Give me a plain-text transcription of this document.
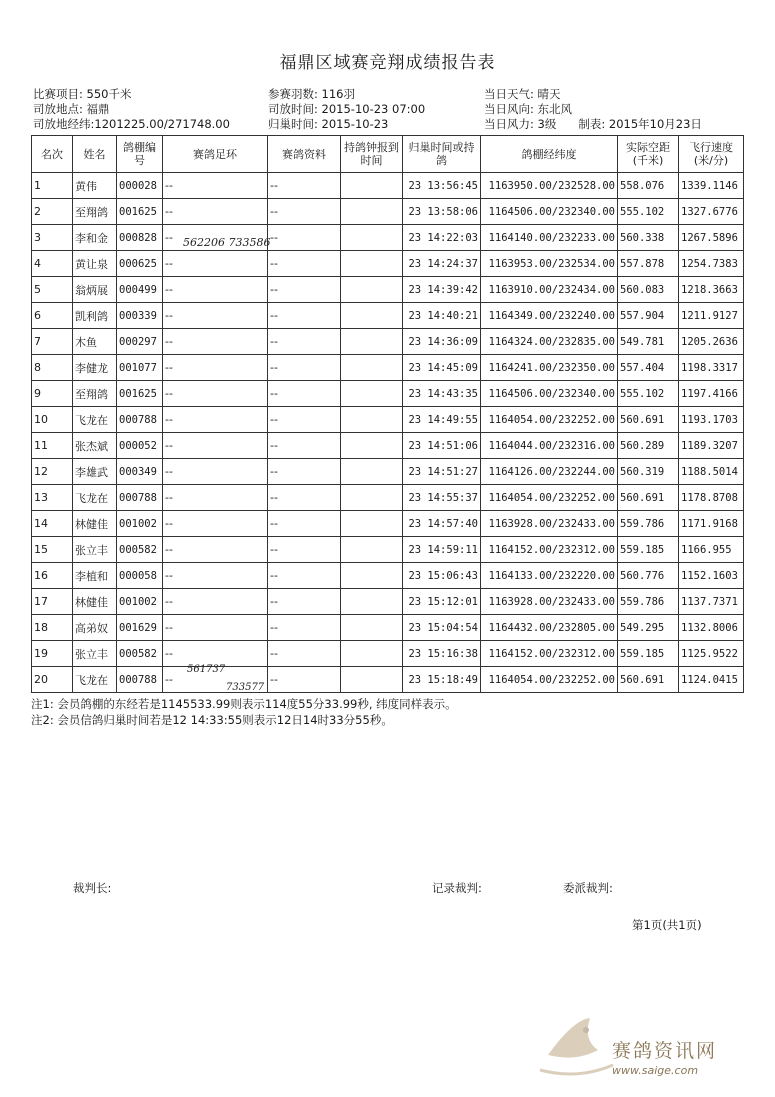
福鼎区域赛竞翔成绩报告表
比赛项目: 550千米
司放地点: 福鼎
司放地经纬:1201225.00/271748.00
参赛羽数: 116羽
司放时间: 2015-10-23 07:00
归巢时间: 2015-10-23
当日天气: 晴天
当日风向: 东北风
当日风力: 3级 制表: 2015年10月23日
名次	姓名	鸽棚编号	赛鸽足环	赛鸽资料	持鸽钟报到时间	归巢时间或持鸽	鸽棚经纬度	实际空距(千米)	飞行速度(米/分)
1	黄伟	000028	--	--		23 13:56:45	1163950.00/232528.00	558.076	1339.1146
2	至翔鸽	001625	--	--		23 13:58:06	1164506.00/232340.00	555.102	1327.6776
3	李和金	000828	--	--		23 14:22:03	1164140.00/232233.00	560.338	1267.5896
4	黄让泉	000625	--	--		23 14:24:37	1163953.00/232534.00	557.878	1254.7383
5	翁炳展	000499	--	--		23 14:39:42	1163910.00/232434.00	560.083	1218.3663
6	凯利鸽	000339	--	--		23 14:40:21	1164349.00/232240.00	557.904	1211.9127
7	木鱼	000297	--	--		23 14:36:09	1164324.00/232835.00	549.781	1205.2636
8	李健龙	001077	--	--		23 14:45:09	1164241.00/232350.00	557.404	1198.3317
9	至翔鸽	001625	--	--		23 14:43:35	1164506.00/232340.00	555.102	1197.4166
10	飞龙在	000788	--	--		23 14:49:55	1164054.00/232252.00	560.691	1193.1703
11	张杰斌	000052	--	--		23 14:51:06	1164044.00/232316.00	560.289	1189.3207
12	李雄武	000349	--	--		23 14:51:27	1164126.00/232244.00	560.319	1188.5014
13	飞龙在	000788	--	--		23 14:55:37	1164054.00/232252.00	560.691	1178.8708
14	林健佳	001002	--	--		23 14:57:40	1163928.00/232433.00	559.786	1171.9168
15	张立丰	000582	--	--		23 14:59:11	1164152.00/232312.00	559.185	1166.955
16	李植和	000058	--	--		23 15:06:43	1164133.00/232220.00	560.776	1152.1603
17	林健佳	001002	--	--		23 15:12:01	1163928.00/232433.00	559.786	1137.7371
18	高弟奴	001629	--	--		23 15:04:54	1164432.00/232805.00	549.295	1132.8006
19	张立丰	000582	--	--		23 15:16:38	1164152.00/232312.00	559.185	1125.9522
20	飞龙在	000788	--	--		23 15:18:49	1164054.00/232252.00	560.691	1124.0415
562206 733586
561737
733577
注1: 会员鸽棚的东经若是1145533.99则表示114度55分33.99秒, 纬度同样表示。
注2: 会员信鸽归巢时间若是12 14:33:55则表示12日14时33分55秒。
裁判长:	记录裁判:	委派裁判:
第1页(共1页)
赛鸽资讯网
www.saige.com
